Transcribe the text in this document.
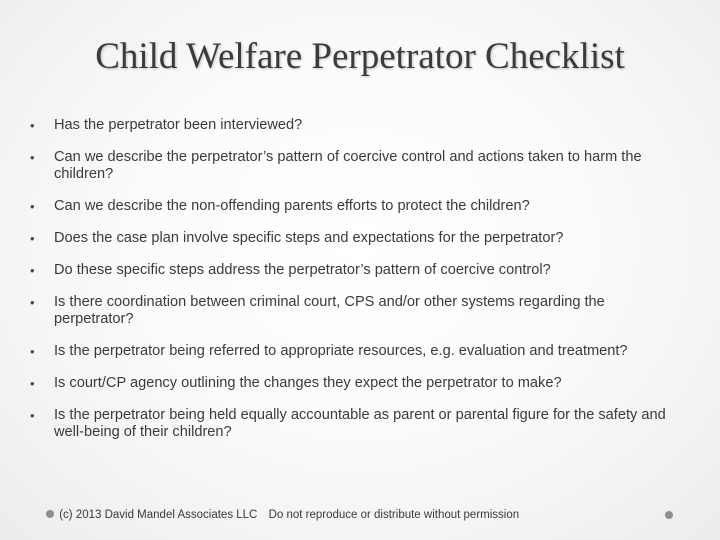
Child Welfare Perpetrator Checklist
• Has the perpetrator been interviewed?
• Can we describe the perpetrator’s pattern of coercive control and actions taken to harm the children?
• Can we describe the non-offending parents efforts to protect the children?
• Does the case plan involve specific steps and expectations for the perpetrator?
• Do these specific steps address the perpetrator’s pattern of coercive control?
• Is there coordination between criminal court, CPS and/or other systems regarding the perpetrator?
• Is the perpetrator being referred to appropriate resources, e.g. evaluation and treatment?
• Is court/CP agency outlining the changes they expect the perpetrator to make?
• Is the perpetrator being held equally accountable as parent or parental figure for the safety and well-being of their children?
(c) 2013 David Mandel Associates LLC Do not reproduce or distribute without permission
